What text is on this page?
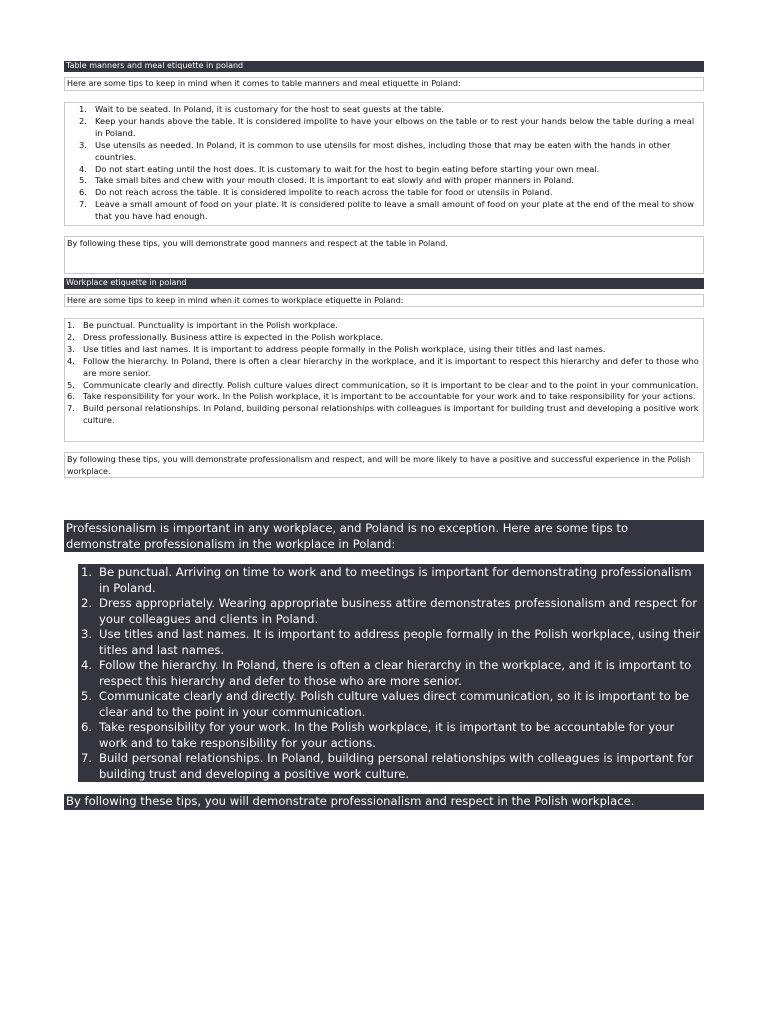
Table manners and meal etiquette in poland
Here are some tips to keep in mind when it comes to table manners and meal etiquette in Poland:
1. Wait to be seated. In Poland, it is customary for the host to seat guests at the table.
2. Keep your hands above the table. It is considered impolite to have your elbows on the table or to rest your hands below the table during a meal in Poland.
3. Use utensils as needed. In Poland, it is common to use utensils for most dishes, including those that may be eaten with the hands in other countries.
4. Do not start eating until the host does. It is customary to wait for the host to begin eating before starting your own meal.
5. Take small bites and chew with your mouth closed. It is important to eat slowly and with proper manners in Poland.
6. Do not reach across the table. It is considered impolite to reach across the table for food or utensils in Poland.
7. Leave a small amount of food on your plate. It is considered polite to leave a small amount of food on your plate at the end of the meal to show that you have had enough.
By following these tips, you will demonstrate good manners and respect at the table in Poland.
Workplace etiquette in poland
Here are some tips to keep in mind when it comes to workplace etiquette in Poland:
1. Be punctual. Punctuality is important in the Polish workplace.
2. Dress professionally. Business attire is expected in the Polish workplace.
3. Use titles and last names. It is important to address people formally in the Polish workplace, using their titles and last names.
4. Follow the hierarchy. In Poland, there is often a clear hierarchy in the workplace, and it is important to respect this hierarchy and defer to those who are more senior.
5. Communicate clearly and directly. Polish culture values direct communication, so it is important to be clear and to the point in your communication.
6. Take responsibility for your work. In the Polish workplace, it is important to be accountable for your work and to take responsibility for your actions.
7. Build personal relationships. In Poland, building personal relationships with colleagues is important for building trust and developing a positive work culture.
By following these tips, you will demonstrate professionalism and respect, and will be more likely to have a positive and successful experience in the Polish workplace.
Professionalism is important in any workplace, and Poland is no exception. Here are some tips to demonstrate professionalism in the workplace in Poland:
1. Be punctual. Arriving on time to work and to meetings is important for demonstrating professionalism in Poland.
2. Dress appropriately. Wearing appropriate business attire demonstrates professionalism and respect for your colleagues and clients in Poland.
3. Use titles and last names. It is important to address people formally in the Polish workplace, using their titles and last names.
4. Follow the hierarchy. In Poland, there is often a clear hierarchy in the workplace, and it is important to respect this hierarchy and defer to those who are more senior.
5. Communicate clearly and directly. Polish culture values direct communication, so it is important to be clear and to the point in your communication.
6. Take responsibility for your work. In the Polish workplace, it is important to be accountable for your work and to take responsibility for your actions.
7. Build personal relationships. In Poland, building personal relationships with colleagues is important for building trust and developing a positive work culture.
By following these tips, you will demonstrate professionalism and respect in the Polish workplace.
